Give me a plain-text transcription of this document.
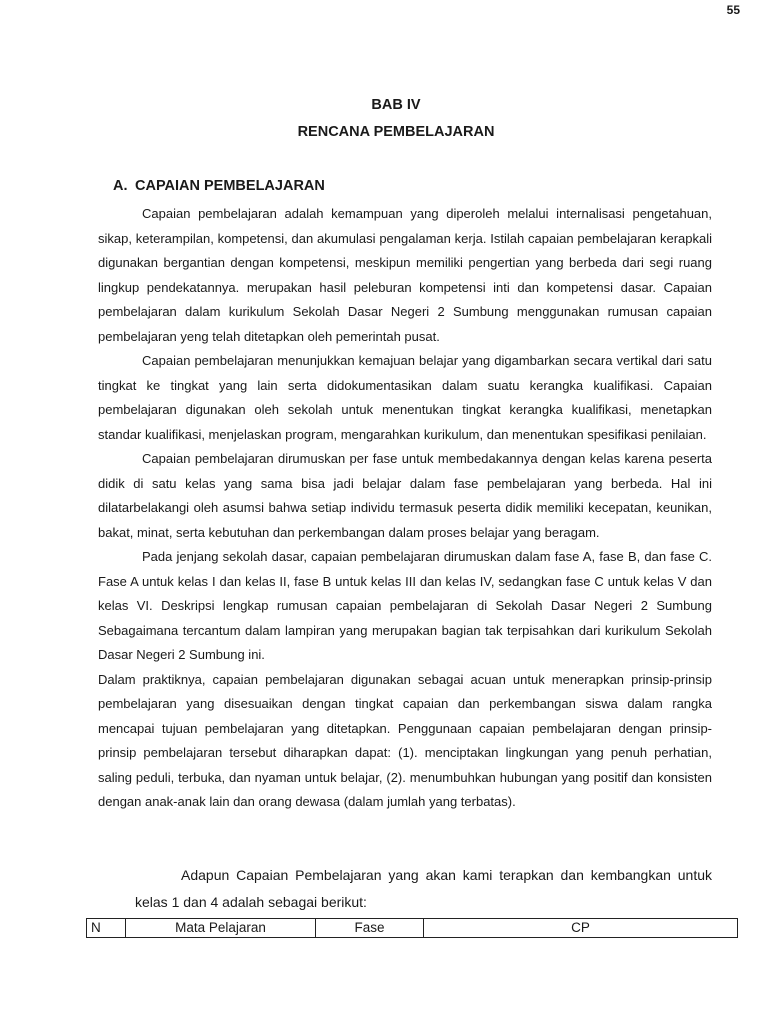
55
BAB IV
RENCANA PEMBELAJARAN
A. CAPAIAN PEMBELAJARAN

Capaian pembelajaran adalah kemampuan yang diperoleh melalui internalisasi pengetahuan, sikap, keterampilan, kompetensi, dan akumulasi pengalaman kerja. Istilah capaian pembelajaran kerapkali digunakan bergantian dengan kompetensi, meskipun memiliki pengertian yang berbeda dari segi ruang lingkup pendekatannya. merupakan hasil peleburan kompetensi inti dan kompetensi dasar. Capaian pembelajaran dalam kurikulum Sekolah Dasar Negeri 2 Sumbung menggunakan rumusan capaian pembelajaran yeng telah ditetapkan oleh pemerintah pusat.

Capaian pembelajaran menunjukkan kemajuan belajar yang digambarkan secara vertikal dari satu tingkat ke tingkat yang lain serta didokumentasikan dalam suatu kerangka kualifikasi. Capaian pembelajaran digunakan oleh sekolah untuk menentukan tingkat kerangka kualifikasi, menetapkan standar kualifikasi, menjelaskan program, mengarahkan kurikulum, dan menentukan spesifikasi penilaian.

Capaian pembelajaran dirumuskan per fase untuk membedakannya dengan kelas karena peserta didik di satu kelas yang sama bisa jadi belajar dalam fase pembelajaran yang berbeda. Hal ini dilatarbelakangi oleh asumsi bahwa setiap individu termasuk peserta didik memiliki kecepatan, keunikan, bakat, minat, serta kebutuhan dan perkembangan dalam proses belajar yang beragam.

Pada jenjang sekolah dasar, capaian pembelajaran dirumuskan dalam fase A, fase B, dan fase C. Fase A untuk kelas I dan kelas II, fase B untuk kelas III dan kelas IV, sedangkan fase C untuk kelas V dan kelas VI. Deskripsi lengkap rumusan capaian pembelajaran di Sekolah Dasar Negeri 2 Sumbung Sebagaimana tercantum dalam lampiran yang merupakan bagian tak terpisahkan dari kurikulum Sekolah Dasar Negeri 2 Sumbung ini.

Dalam praktiknya, capaian pembelajaran digunakan sebagai acuan untuk menerapkan prinsip-prinsip pembelajaran yang disesuaikan dengan tingkat capaian dan perkembangan siswa dalam rangka mencapai tujuan pembelajaran yang ditetapkan. Penggunaan capaian pembelajaran dengan prinsip-prinsip pembelajaran tersebut diharapkan dapat: (1). menciptakan lingkungan yang penuh perhatian, saling peduli, terbuka, dan nyaman untuk belajar, (2). menumbuhkan hubungan yang positif dan konsisten dengan anak-anak lain dan orang dewasa (dalam jumlah yang terbatas).

Adapun Capaian Pembelajaran yang akan kami terapkan dan kembangkan untuk kelas 1 dan 4 adalah sebagai berikut:

N	Mata Pelajaran	Fase	CP
